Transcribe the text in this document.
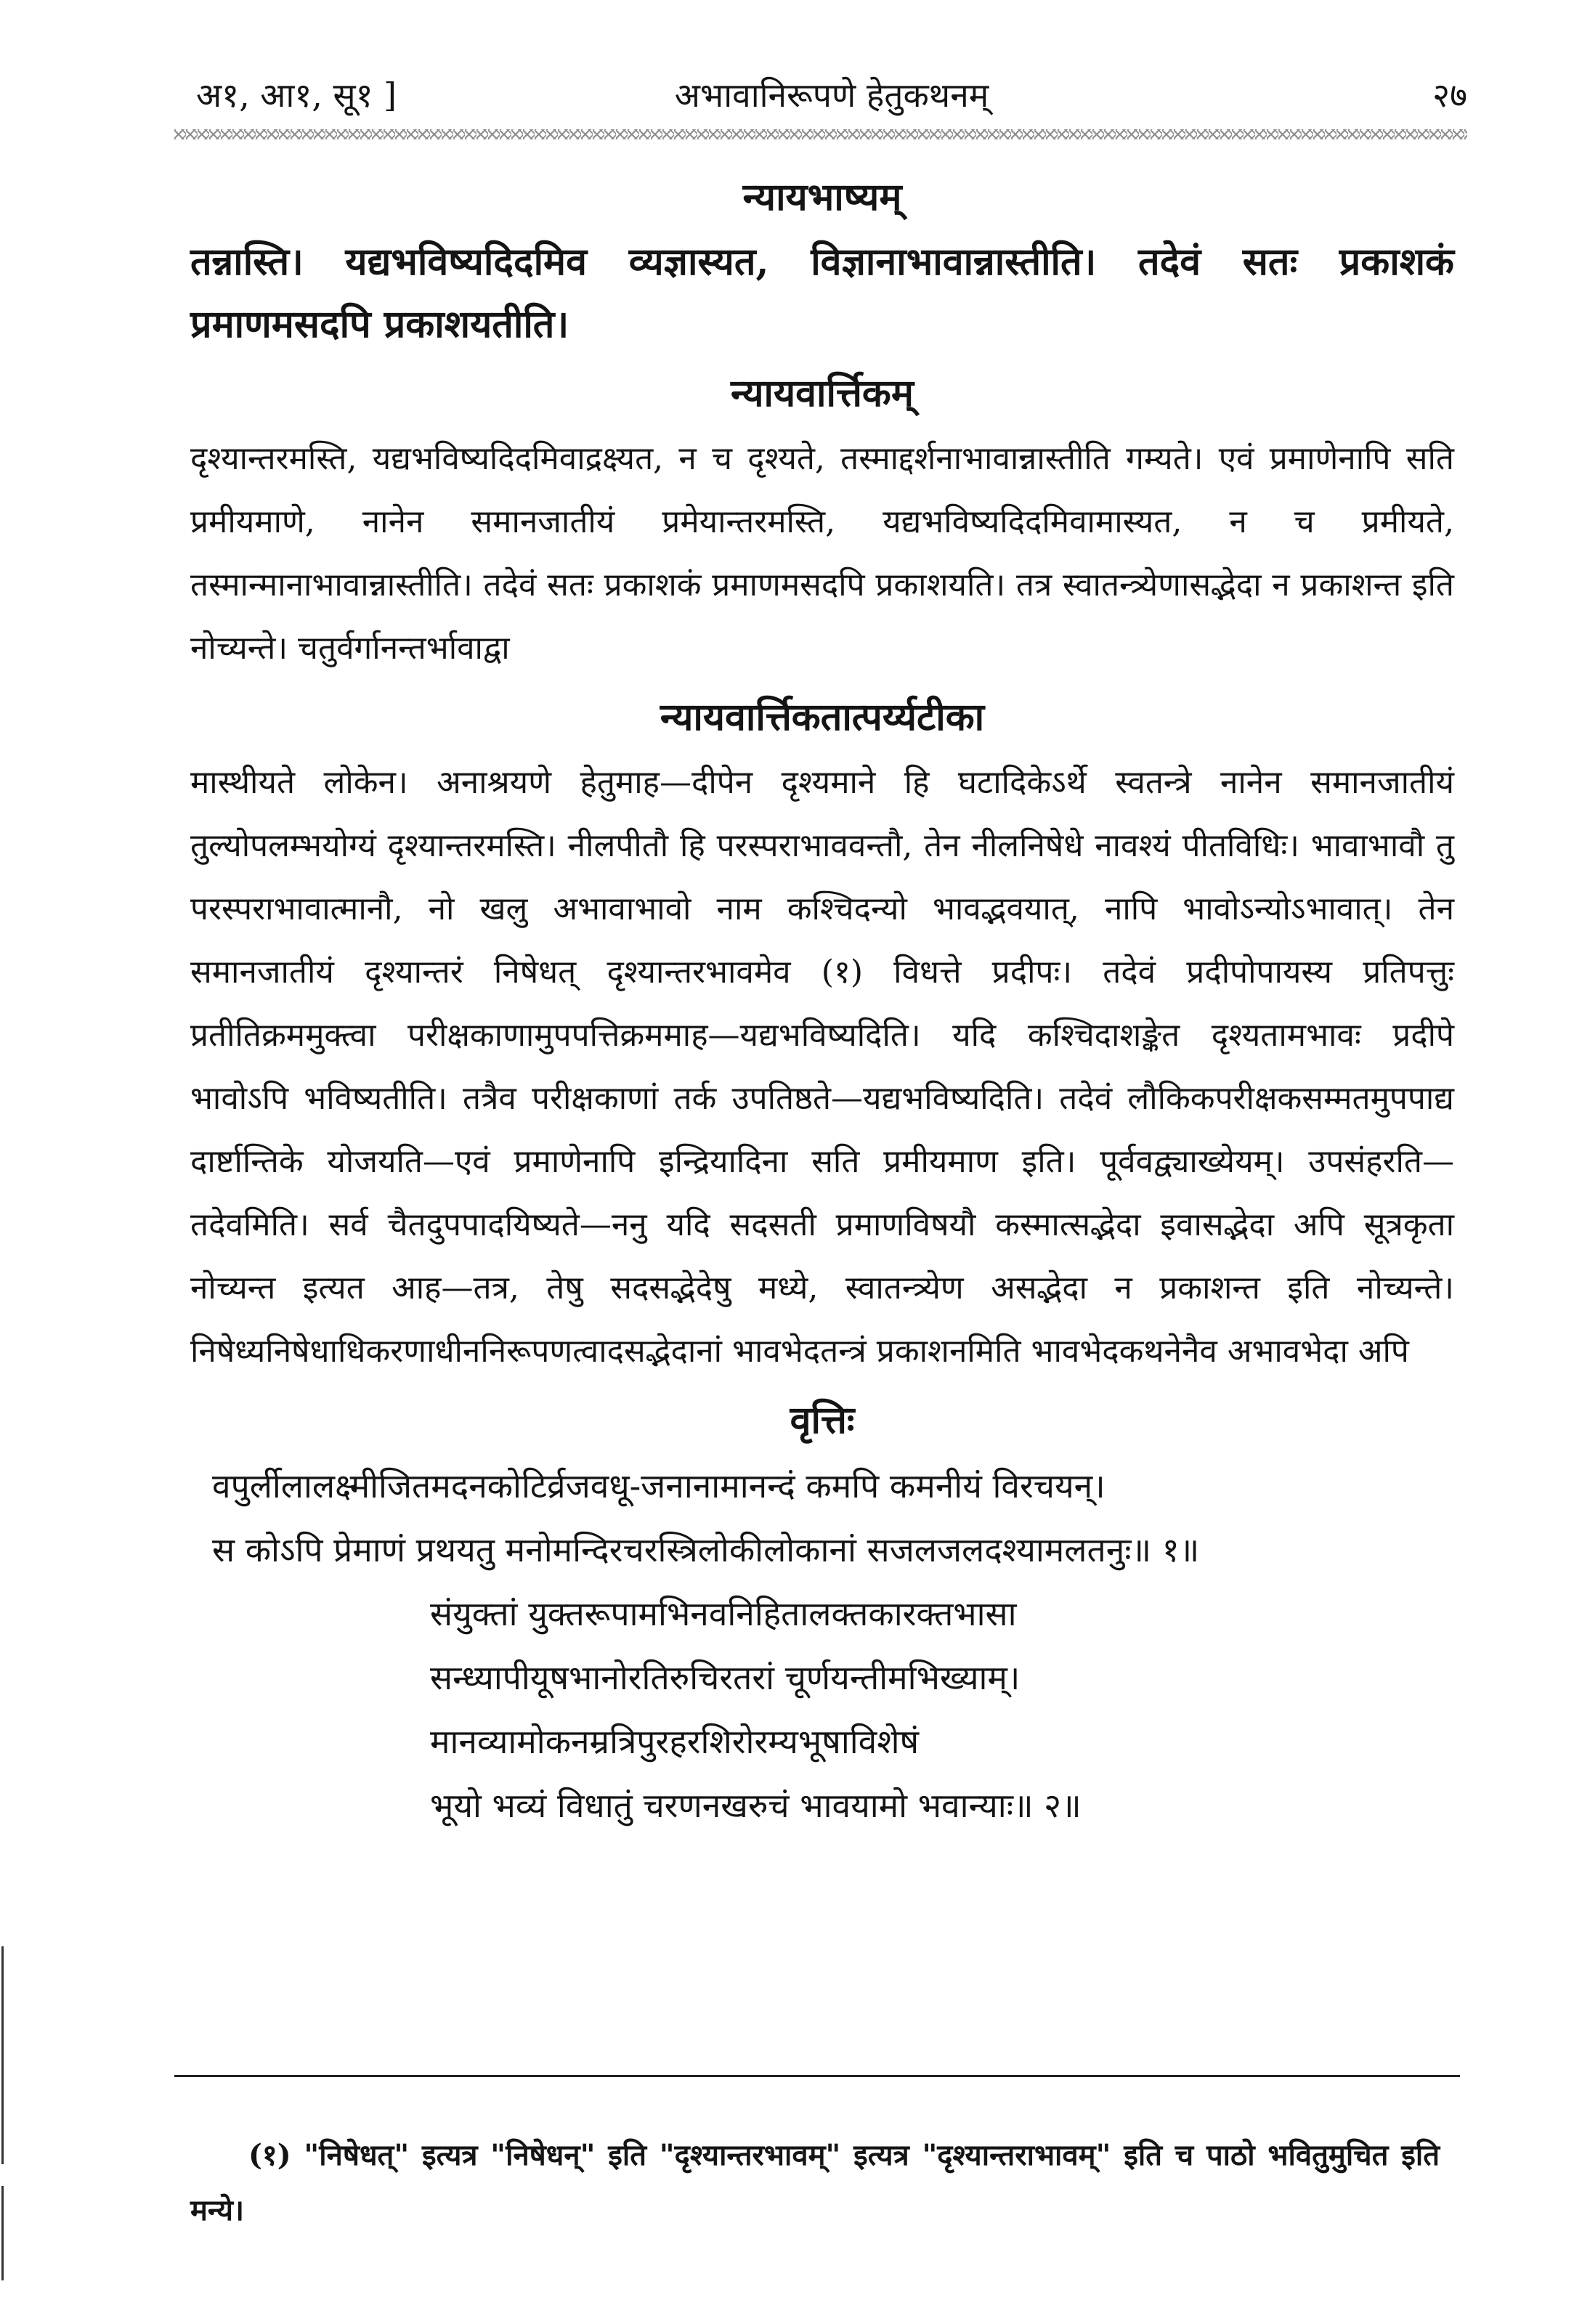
अ१, आ१, सू१ ]	अभावानिरूपणे हेतुकथनम्	२७
न्यायभाष्यम्

तन्नास्ति। यद्यभविष्यदिदमिव व्यज्ञास्यत, विज्ञानाभावान्नास्तीति। तदेवं सतः प्रकाशकं प्रमाणमसदपि प्रकाशयतीति।

न्यायवार्त्तिकम्

दृश्यान्तरमस्ति, यद्यभविष्यदिदमिवाद्रक्ष्यत, न च दृश्यते, तस्माद्दर्शनाभावान्नास्तीति गम्यते। एवं प्रमाणेनापि सति प्रमीयमाणे, नानेन समानजातीयं प्रमेयान्तरमस्ति, यद्यभविष्यदिदमिवामास्यत, न च प्रमीयते, तस्मान्मानाभावान्नास्तीति। तदेवं सतः प्रकाशकं प्रमाणमसदपि प्रकाशयति। तत्र स्वातन्त्र्येणासद्भेदा न प्रकाशन्त इति नोच्यन्ते। चतुर्वर्गानन्तर्भावाद्वा

न्यायवार्त्तिकतात्पर्य्यटीका

मास्थीयते लोकेन। अनाश्रयणे हेतुमाह—दीपेन दृश्यमाने हि घटादिकेऽर्थे स्वतन्त्रे नानेन समानजातीयं तुल्योपलम्भयोग्यं दृश्यान्तरमस्ति। नीलपीतौ हि परस्पराभाववन्तौ, तेन नीलनिषेधे नावश्यं पीतविधिः। भावाभावौ तु परस्पराभावात्मानौ, नो खलु अभावाभावो नाम कश्चिदन्यो भावद्भवयात्, नापि भावोऽन्योऽभावात्। तेन समानजातीयं दृश्यान्तरं निषेधत् दृश्यान्तरभावमेव (१) विधत्ते प्रदीपः। तदेवं प्रदीपोपायस्य प्रतिपत्तुः प्रतीतिक्रममुक्त्वा परीक्षकाणामुपपत्तिक्रममाह—यद्यभविष्यदिति। यदि कश्चिदाशङ्केत दृश्यतामभावः प्रदीपे भावोऽपि भविष्यतीति। तत्रैव परीक्षकाणां तर्क उपतिष्ठते—यद्यभविष्यदिति। तदेवं लौकिकपरीक्षकसम्मतमुपपाद्य दार्ष्टान्तिके योजयति—एवं प्रमाणेनापि इन्द्रियादिना सति प्रमीयमाण इति। पूर्ववद्व्याख्येयम्। उपसंहरति—तदेवमिति। सर्व चैतदुपपादयिष्यते—ननु यदि सदसती प्रमाणविषयौ कस्मात्सद्भेदा इवासद्भेदा अपि सूत्रकृता नोच्यन्त इत्यत आह—तत्र, तेषु सदसद्भेदेषु मध्ये, स्वातन्त्र्येण असद्भेदा न प्रकाशन्त इति नोच्यन्ते। निषेध्यनिषेधाधिकरणाधीननिरूपणत्वादसद्भेदानां भावभेदतन्त्रं प्रकाशनमिति भावभेदकथनेनैव अभावभेदा अपि

वृत्तिः

वपुर्लीलालक्ष्मीजितमदनकोटिर्व्रजवधू-जनानामानन्दं कमपि कमनीयं विरचयन्।

स कोऽपि प्रेमाणं प्रथयतु मनोमन्दिरचरस्त्रिलोकीलोकानां सजलजलदश्यामलतनुः॥ १॥

संयुक्तां युक्तरूपामभिनवनिहितालक्तकारक्तभासा

सन्ध्यापीयूषभानोरतिरुचिरतरां चूर्णयन्तीमभिख्याम्।

मानव्यामोकनम्रत्रिपुरहरशिरोरम्यभूषाविशेषं

भूयो भव्यं विधातुं चरणनखरुचं भावयामो भवान्याः॥ २॥

(१) "निषेधत्" इत्यत्र "निषेधन्" इति "दृश्यान्तरभावम्" इत्यत्र "दृश्यान्तराभावम्" इति च पाठो भवितुमुचित इति मन्ये।
